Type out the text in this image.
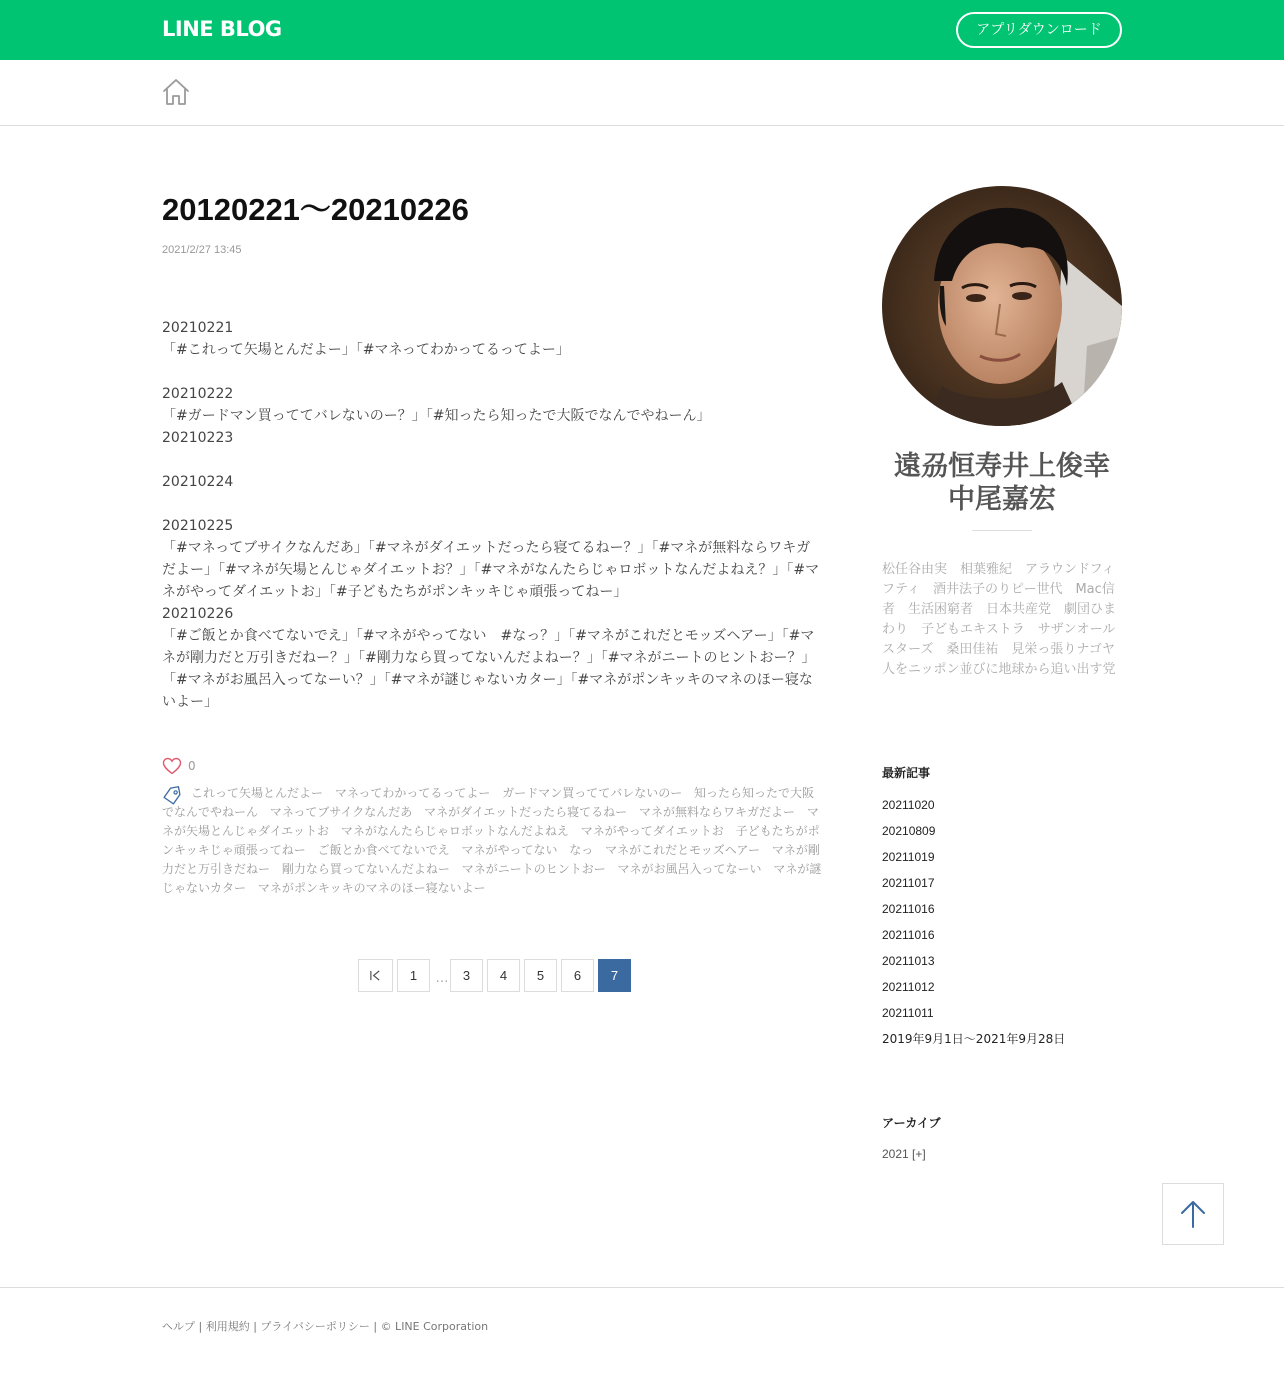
LINE BLOG	アプリダウンロード
20120221〜20210226
2021/2/27 13:45

20210221

「#これって矢場とんだよー」「#マネってわかってるってよー」

20210222

「#ガードマン買っててバレないのー？」「#知ったら知ったで大阪でなんでやねーん」

20210223

20210224

20210225

「#マネってブサイクなんだあ」「#マネがダイエットだったら寝てるねー？」「#マネが無料ならワキガだよー」「#マネが矢場とんじゃダイエットお？」「#マネがなんたらじゃロボットなんだよねえ？」「#マネがやってダイエットお」「#子どもたちがポンキッキじゃ頑張ってねー」

20210226

「#ご飯とか食べてないでえ」「#マネがやってない　#なっ？」「#マネがこれだとモッズヘアー」「#マネが剛力だと万引きだねー？」「#剛力なら買ってないんだよねー？」「#マネがニートのヒントおー？」「#マネがお風呂入ってなーい？」「#マネが謎じゃないカター」「#マネがポンキッキのマネのほー寝ないよー」

0
これって矢場とんだよー マネってわかってるってよー ガードマン買っててバレないのー 知ったら知ったで大阪でなんでやねーん マネってブサイクなんだあ マネがダイエットだったら寝てるねー マネが無料ならワキガだよー マネが矢場とんじゃダイエットお マネがなんたらじゃロボットなんだよねえ マネがやってダイエットお 子どもたちがポンキッキじゃ頑張ってねー ご飯とか食べてないでえ マネがやってない なっ マネがこれだとモッズヘアー マネが剛力だと万引きだねー 剛力なら買ってないんだよねー マネがニートのヒントおー マネがお風呂入ってなーい マネが謎じゃないカター マネがポンキッキのマネのほー寝ないよー
1	…	3	4	5	6	7
遠刕恒寿井上俊幸中尾嘉宏
松任谷由実　相葉雅紀　アラウンドフィフティ　酒井法子のりピー世代　Mac信者　生活困窮者　日本共産党　劇団ひまわり　子どもエキストラ　サザンオールスターズ　桑田佳祐　見栄っ張りナゴヤ人をニッポン並びに地球から追い出す党
最新記事
20211020
20210809
20211019
20211017
20211016
20211016
20211013
20211012
20211011
2019年9月1日〜2021年9月28日
アーカイブ
2021 [+]
ヘルプ | 利用規約 | プライバシーポリシー | © LINE Corporation
